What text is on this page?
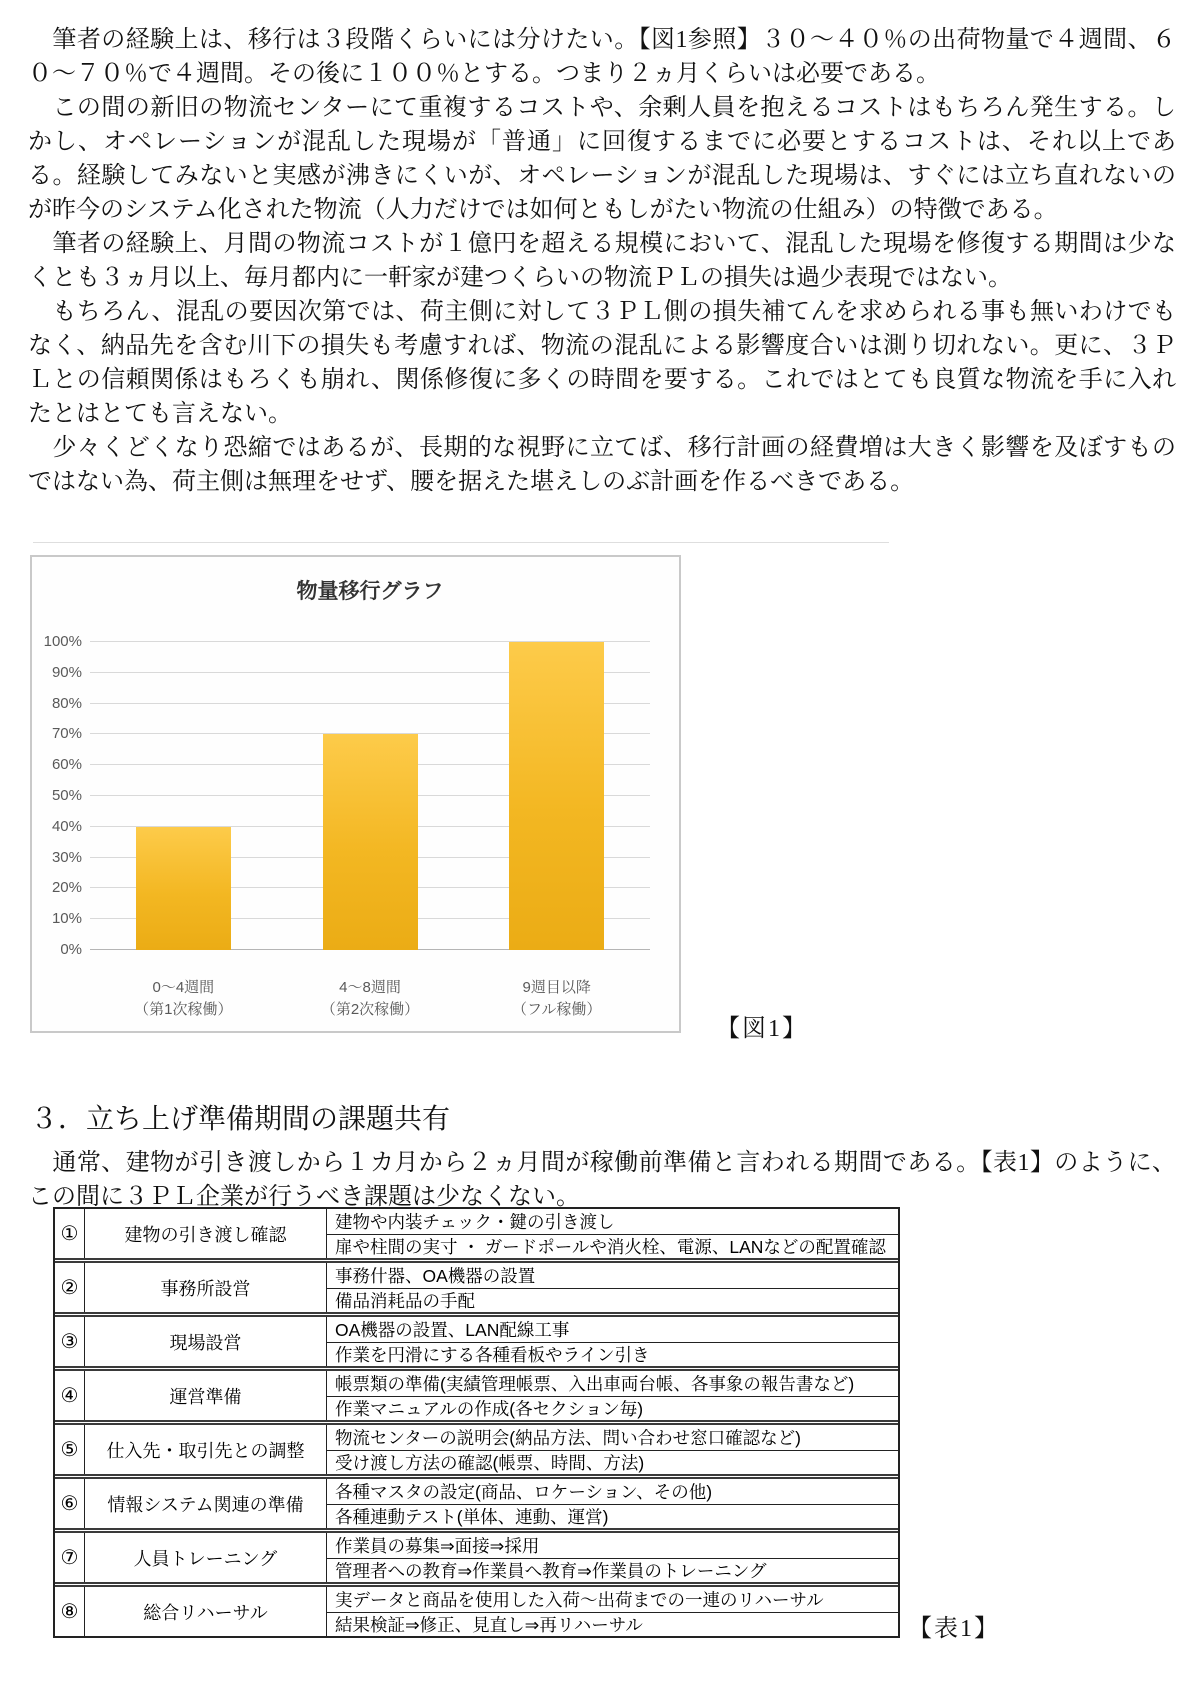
　筆者の経験上は、移行は３段階くらいには分けたい。【図1参照】３０～４０％の出荷物量で４週間、６０～７０％で４週間。その後に１００％とする。つまり２ヵ月くらいは必要である。

　この間の新旧の物流センターにて重複するコストや、余剰人員を抱えるコストはもちろん発生する。しかし、オペレーションが混乱した現場が「普通」に回復するまでに必要とするコストは、それ以上である。経験してみないと実感が沸きにくいが、オペレーションが混乱した現場は、すぐには立ち直れないのが昨今のシステム化された物流（人力だけでは如何ともしがたい物流の仕組み）の特徴である。

　筆者の経験上、月間の物流コストが１億円を超える規模において、混乱した現場を修復する期間は少なくとも３ヵ月以上、毎月都内に一軒家が建つくらいの物流ＰＬの損失は過少表現ではない。

　もちろん、混乱の要因次第では、荷主側に対して３ＰＬ側の損失補てんを求められる事も無いわけでもなく、納品先を含む川下の損失も考慮すれば、物流の混乱による影響度合いは測り切れない。更に、３ＰＬとの信頼関係はもろくも崩れ、関係修復に多くの時間を要する。これではとても良質な物流を手に入れたとはとても言えない。

　少々くどくなり恐縮ではあるが、長期的な視野に立てば、移行計画の経費増は大きく影響を及ぼすものではない為、荷主側は無理をせず、腰を据えた堪えしのぶ計画を作るべきである。

物量移行グラフ
0%
10%
20%
30%
40%
50%
60%
70%
80%
90%
100%
0～4週間
（第1次稼働）
4～8週間
（第2次稼働）
9週目以降
（フル稼働）
【図1】
３．立ち上げ準備期間の課題共有
　通常、建物が引き渡しから１カ月から２ヵ月間が稼働前準備と言われる期間である。【表1】のように、この間に３ＰＬ企業が行うべき課題は少なくない。
①	建物の引き渡し確認
建物や内装チェック・鍵の引き渡し
扉や柱間の実寸 ・ ガードポールや消火栓、電源、LANなどの配置確認
②	事務所設営
事務什器、OA機器の設置
備品消耗品の手配
③	現場設営
OA機器の設置、LAN配線工事
作業を円滑にする各種看板やライン引き
④	運営準備
帳票類の準備(実績管理帳票、入出車両台帳、各事象の報告書など)
作業マニュアルの作成(各セクション毎)
⑤	仕入先・取引先との調整
物流センターの説明会(納品方法、問い合わせ窓口確認など)
受け渡し方法の確認(帳票、時間、方法)
⑥	情報システム関連の準備
各種マスタの設定(商品、ロケーション、その他)
各種連動テスト(単体、連動、運営)
⑦	人員トレーニング
作業員の募集⇒面接⇒採用
管理者への教育⇒作業員へ教育⇒作業員のトレーニング
⑧	総合リハーサル
実データと商品を使用した入荷～出荷までの一連のリハーサル
結果検証⇒修正、見直し⇒再リハーサル	【表1】
